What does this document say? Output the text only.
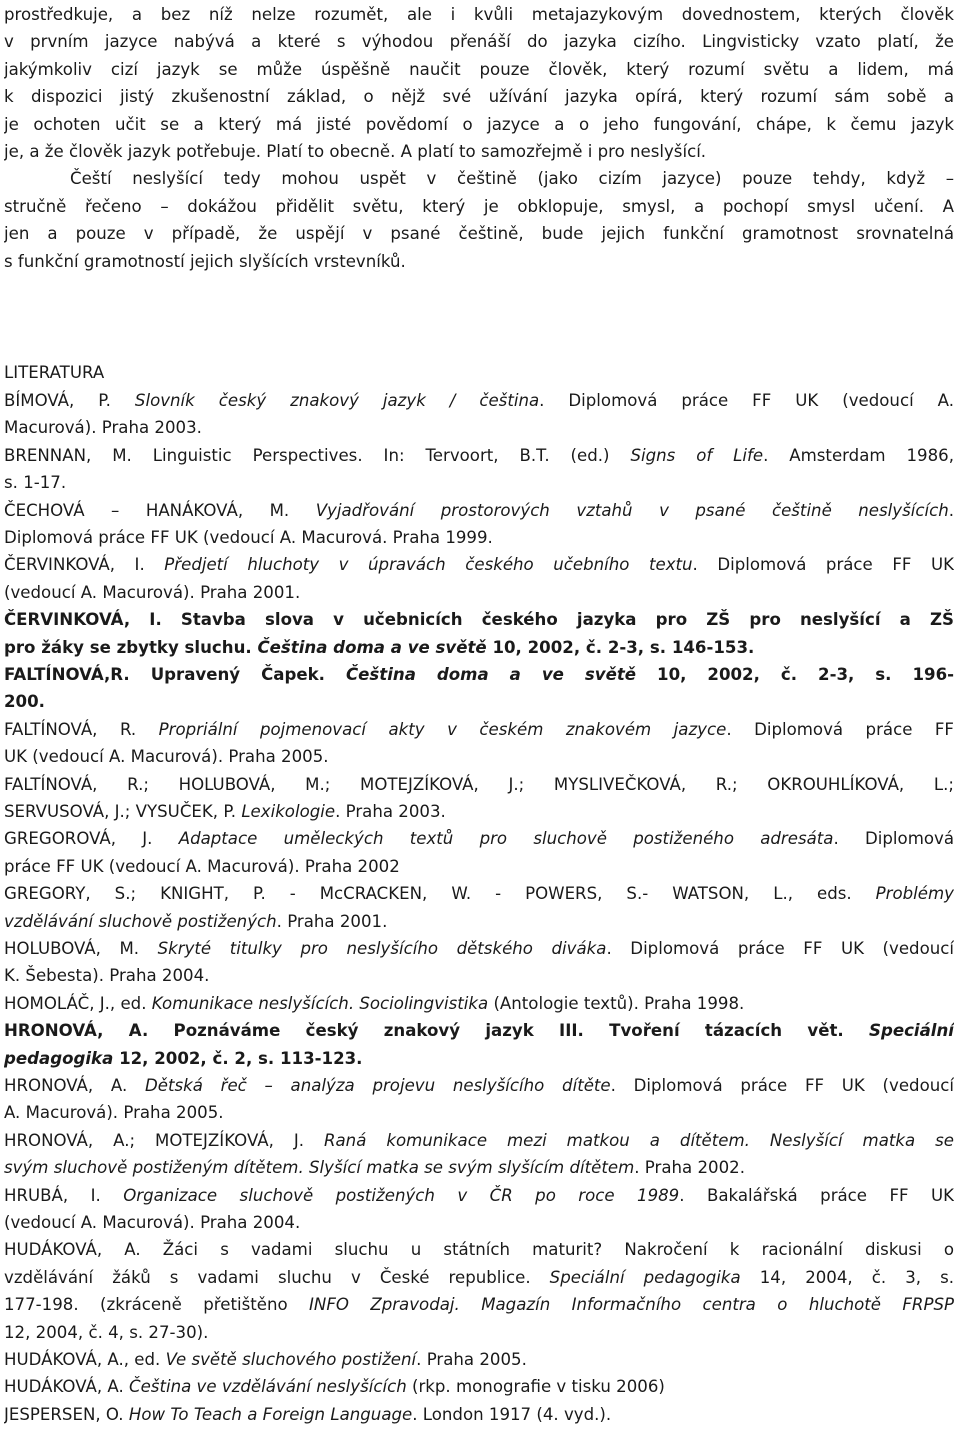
prostředkuje, a bez níž nelze rozumět, ale i kvůli metajazykovým dovednostem, kterých člověk
v prvním jazyce nabývá a které s výhodou přenáší do jazyka cizího. Lingvisticky vzato platí, že
jakýmkoliv cizí jazyk se může úspěšně naučit pouze člověk, který rozumí světu a lidem, má
k dispozici jistý zkušenostní základ, o nějž své užívání jazyka opírá, který rozumí sám sobě a
je ochoten učit se a který má jisté povědomí o jazyce a o jeho fungování, chápe, k čemu jazyk
je, a že člověk jazyk potřebuje. Platí to obecně. A platí to samozřejmě i pro neslyšící.
Čeští neslyšící tedy mohou uspět v češtině (jako cizím jazyce) pouze tehdy, když –
stručně řečeno – dokážou přidělit světu, který je obklopuje, smysl, a pochopí smysl učení. A
jen a pouze v případě, že uspějí v psané češtině, bude jejich funkční gramotnost srovnatelná
s funkční gramotností jejich slyšících vrstevníků.
LITERATURA
BÍMOVÁ, P. Slovník český znakový jazyk / čeština. Diplomová práce FF UK (vedoucí A.
Macurová). Praha 2003.
BRENNAN, M. Linguistic Perspectives. In: Tervoort, B.T. (ed.) Signs of Life. Amsterdam 1986,
s. 1-17.
ČECHOVÁ – HANÁKOVÁ, M. Vyjadřování prostorových vztahů v psané češtině neslyšících.
Diplomová práce FF UK (vedoucí A. Macurová. Praha 1999.
ČERVINKOVÁ, I. Předjetí hluchoty v úpravách českého učebního textu. Diplomová práce FF UK
(vedoucí A. Macurová). Praha 2001.
ČERVINKOVÁ, I. Stavba slova v učebnicích českého jazyka pro ZŠ pro neslyšící a ZŠ
pro žáky se zbytky sluchu. Čeština doma a ve světě 10, 2002, č. 2-3, s. 146-153.
FALTÍNOVÁ,R. Upravený Čapek. Čeština doma a ve světě 10, 2002, č. 2-3, s. 196-
200.
FALTÍNOVÁ, R. Propriální pojmenovací akty v českém znakovém jazyce. Diplomová práce FF
UK (vedoucí A. Macurová). Praha 2005.
FALTÍNOVÁ, R.; HOLUBOVÁ, M.; MOTEJZÍKOVÁ, J.; MYSLIVEČKOVÁ, R.; OKROUHLÍKOVÁ, L.;
SERVUSOVÁ, J.; VYSUČEK, P. Lexikologie. Praha 2003.
GREGOROVÁ, J. Adaptace uměleckých textů pro sluchově postiženého adresáta. Diplomová
práce FF UK (vedoucí A. Macurová). Praha 2002
GREGORY, S.; KNIGHT, P. - McCRACKEN, W. - POWERS, S.- WATSON, L., eds. Problémy
vzdělávání sluchově postižených. Praha 2001.
HOLUBOVÁ, M. Skryté titulky pro neslyšícího dětského diváka. Diplomová práce FF UK (vedoucí
K. Šebesta). Praha 2004.
HOMOLÁČ, J., ed. Komunikace neslyšících. Sociolingvistika (Antologie textů). Praha 1998.
HRONOVÁ, A. Poznáváme český znakový jazyk III. Tvoření tázacích vět. Speciální
pedagogika 12, 2002, č. 2, s. 113-123.
HRONOVÁ, A. Dětská řeč – analýza projevu neslyšícího dítěte. Diplomová práce FF UK (vedoucí
A. Macurová). Praha 2005.
HRONOVÁ, A.; MOTEJZÍKOVÁ, J. Raná komunikace mezi matkou a dítětem. Neslyšící matka se
svým sluchově postiženým dítětem. Slyšící matka se svým slyšícím dítětem. Praha 2002.
HRUBÁ, I. Organizace sluchově postižených v ČR po roce 1989. Bakalářská práce FF UK
(vedoucí A. Macurová). Praha 2004.
HUDÁKOVÁ, A. Žáci s vadami sluchu u státních maturit? Nakročení k racionální diskusi o
vzdělávání žáků s vadami sluchu v České republice. Speciální pedagogika 14, 2004, č. 3, s.
177-198. (zkráceně přetištěno INFO Zpravodaj. Magazín Informačního centra o hluchotě FRPSP
12, 2004, č. 4, s. 27-30).
HUDÁKOVÁ, A., ed. Ve světě sluchového postižení. Praha 2005.
HUDÁKOVÁ, A. Čeština ve vzdělávání neslyšících (rkp. monografie v tisku 2006)
JESPERSEN, O. How To Teach a Foreign Language. London 1917 (4. vyd.).
